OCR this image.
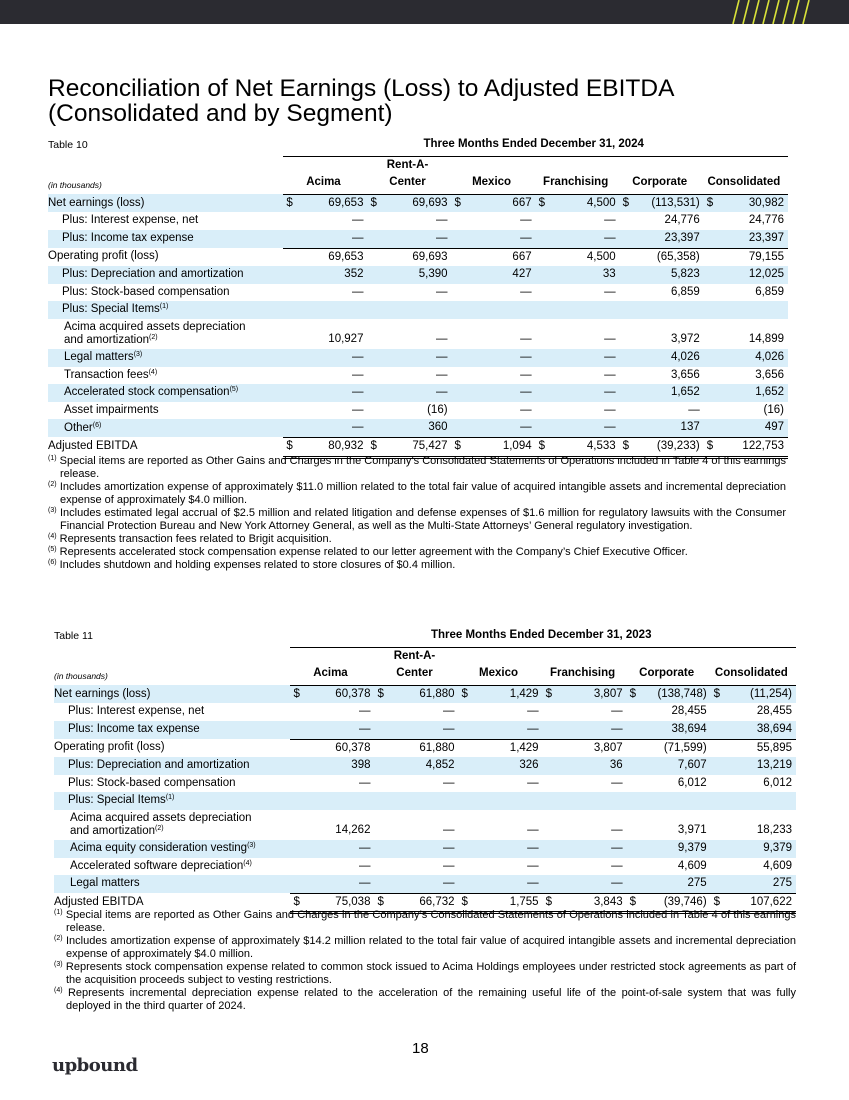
Reconciliation of Net Earnings (Loss) to Adjusted EBITDA
(Consolidated and by Segment)
Table 10	Three Months Ended December 31, 2024											
(in thousands)	Acima		Rent-A-
Center		Mexico		Franchising		Corporate		Consolidated	

Net earnings (loss)	$	69,653	$	69,693	$	667	$	4,500	$	(113,531)	$	30,982
Plus: Interest expense, net		—		—		—		—		24,776		24,776
Plus: Income tax expense		—		—		—		—		23,397		23,397
Operating profit (loss)		69,653		69,693		667		4,500		(65,358)		79,155
Plus: Depreciation and amortization		352		5,390		427		33		5,823		12,025
Plus: Stock-based compensation		—		—		—		—		6,859		6,859
Plus: Special Items$^{(1)}$												
Acima acquired assets depreciation
and amortization$^{(2)}$		10,927		—		—		—		3,972		14,899
Legal matters$^{(3)}$		—		—		—		—		4,026		4,026
Transaction fees$^{(4)}$		—		—		—		—		3,656		3,656
Accelerated stock compensation$^{(5)}$		—		—		—		—		1,652		1,652
Asset impairments		—		(16)		—		—		—		(16)
Other$^{(6)}$		—		360		—		—		137		497
Adjusted EBITDA	$	80,932	$	75,427	$	1,094	$	4,533	$	(39,233)	$	122,753

$^{(1)}$ Special items are reported as Other Gains and Charges in the Company’s Consolidated Statements of Operations included in Table 4 of this earnings release.

$^{(2)}$ Includes amortization expense of approximately $11.0 million related to the total fair value of acquired intangible assets and incremental depreciation expense of approximately $4.0 million.

$^{(3)}$ Includes estimated legal accrual of $2.5 million and related litigation and defense expenses of $1.6 million for regulatory lawsuits with the Consumer Financial Protection Bureau and New York Attorney General, as well as the Multi-State Attorneys’ General regulatory investigation.

$^{(4)}$ Represents transaction fees related to Brigit acquisition.

$^{(5)}$ Represents accelerated stock compensation expense related to our letter agreement with the Company’s Chief Executive Officer.

$^{(6)}$ Includes shutdown and holding expenses related to store closures of $0.4 million.

Table 11	Three Months Ended December 31, 2023											
(in thousands)	Acima		Rent-A-
Center		Mexico		Franchising		Corporate		Consolidated	

Net earnings (loss)	$	60,378	$	61,880	$	1,429	$	3,807	$	(138,748)	$	(11,254)
Plus: Interest expense, net		—		—		—		—		28,455		28,455
Plus: Income tax expense		—		—		—		—		38,694		38,694
Operating profit (loss)		60,378		61,880		1,429		3,807		(71,599)		55,895
Plus: Depreciation and amortization		398		4,852		326		36		7,607		13,219
Plus: Stock-based compensation		—		—		—		—		6,012		6,012
Plus: Special Items$^{(1)}$												
Acima acquired assets depreciation
and amortization$^{(2)}$		14,262		—		—		—		3,971		18,233
Acima equity consideration vesting$^{(3)}$		—		—		—		—		9,379		9,379
Accelerated software depreciation$^{(4)}$		—		—		—		—		4,609		4,609
Legal matters		—		—		—		—		275		275
Adjusted EBITDA	$	75,038	$	66,732	$	1,755	$	3,843	$	(39,746)	$	107,622

$^{(1)}$ Special items are reported as Other Gains and Charges in the Company’s Consolidated Statements of Operations included in Table 4 of this earnings release.

$^{(2)}$ Includes amortization expense of approximately $14.2 million related to the total fair value of acquired intangible assets and incremental depreciation expense of approximately $4.0 million.

$^{(3)}$ Represents stock compensation expense related to common stock issued to Acima Holdings employees under restricted stock agreements as part of the acquisition proceeds subject to vesting restrictions.

$^{(4)}$ Represents incremental depreciation expense related to the acceleration of the remaining useful life of the point-of-sale system that was fully deployed in the third quarter of 2024.

18
upbound
